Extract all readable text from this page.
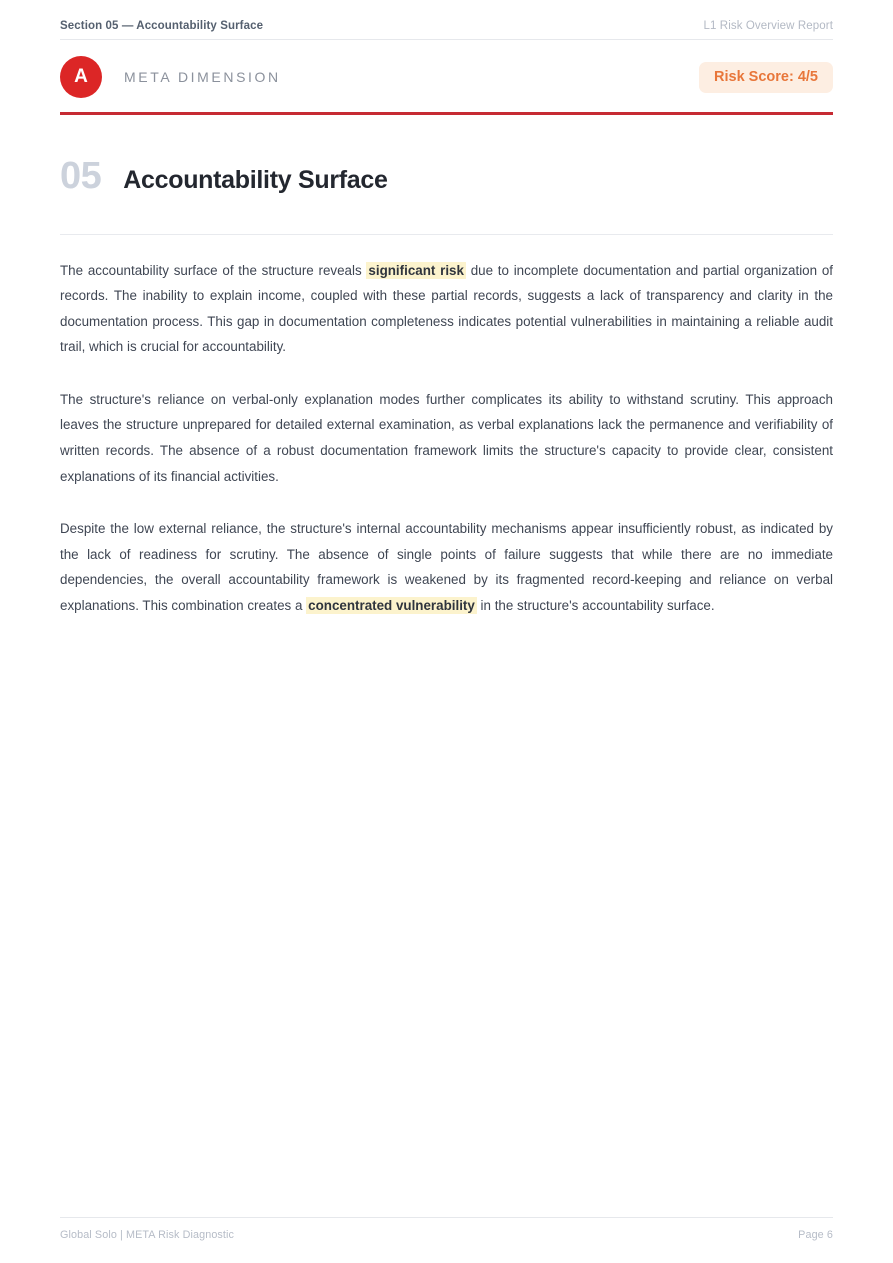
Section 05 — Accountability Surface	L1 Risk Overview Report
A	META DIMENSION	Risk Score: 4/5
05 Accountability Surface

The accountability surface of the structure reveals significant risk due to incomplete documentation and partial organization of records. The inability to explain income, coupled with these partial records, suggests a lack of transparency and clarity in the documentation process. This gap in documentation completeness indicates potential vulnerabilities in maintaining a reliable audit trail, which is crucial for accountability.

The structure's reliance on verbal-only explanation modes further complicates its ability to withstand scrutiny. This approach leaves the structure unprepared for detailed external examination, as verbal explanations lack the permanence and verifiability of written records. The absence of a robust documentation framework limits the structure's capacity to provide clear, consistent explanations of its financial activities.

Despite the low external reliance, the structure's internal accountability mechanisms appear insufficiently robust, as indicated by the lack of readiness for scrutiny. The absence of single points of failure suggests that while there are no immediate dependencies, the overall accountability framework is weakened by its fragmented record-keeping and reliance on verbal explanations. This combination creates a concentrated vulnerability in the structure's accountability surface.

Global Solo | META Risk Diagnostic	Page 6
